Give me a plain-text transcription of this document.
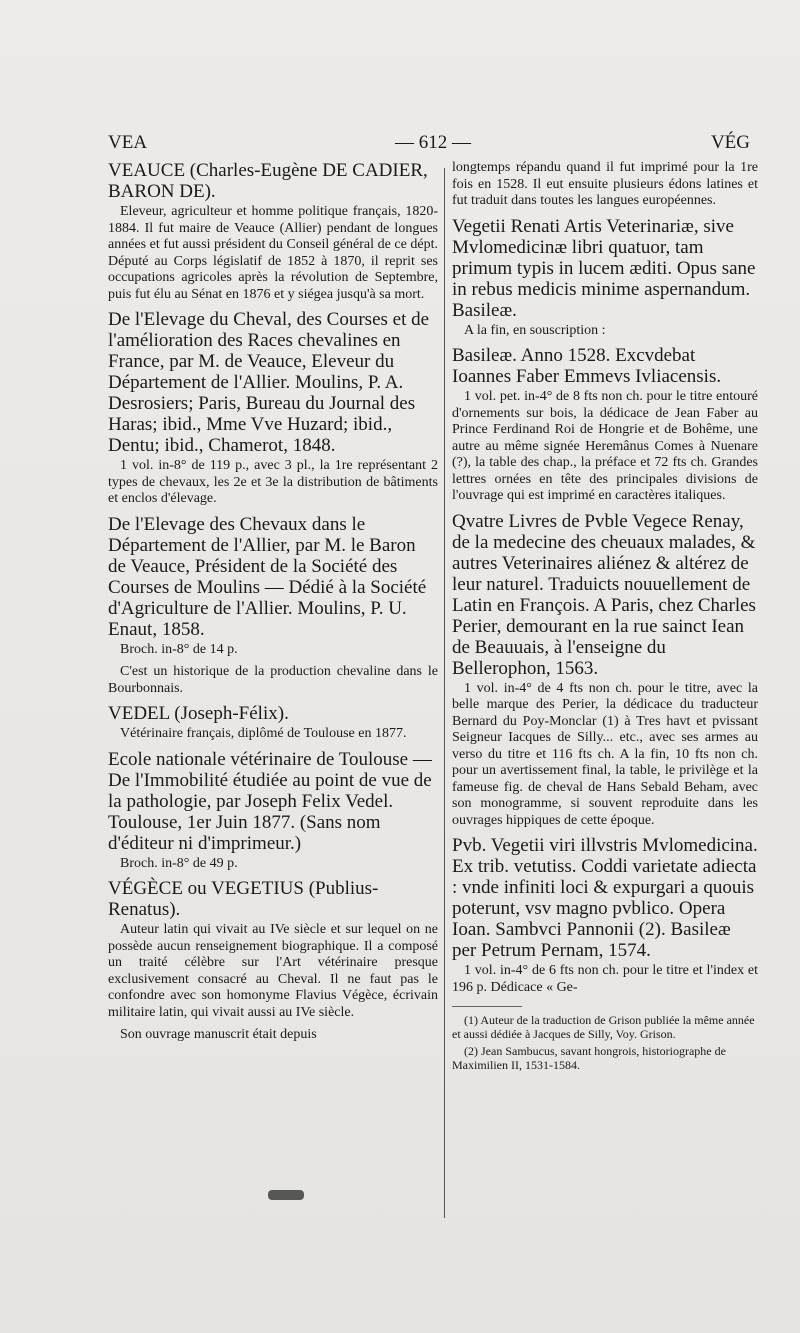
VEA	— 612 —	VÉG

VEAUCE (Charles-Eugène DE CADIER, BARON DE).

Eleveur, agriculteur et homme politique français, 1820-1884. Il fut maire de Veauce (Allier) pendant de longues années et fut aussi président du Conseil général de ce dépt. Député au Corps législatif de 1852 à 1870, il reprit ses occupations agricoles après la révolution de Septembre, puis fut élu au Sénat en 1876 et y siégea jusqu'à sa mort.

De l'Elevage du Cheval, des Courses et de l'amélioration des Races chevalines en France, par M. de Veauce, Eleveur du Département de l'Allier. Moulins, P. A. Desrosiers; Paris, Bureau du Journal des Haras; ibid., Mme Vve Huzard; ibid., Dentu; ibid., Chamerot, 1848.

1 vol. in-8° de 119 p., avec 3 pl., la 1re représentant 2 types de chevaux, les 2e et 3e la distribution de bâtiments et enclos d'élevage.

De l'Elevage des Chevaux dans le Département de l'Allier, par M. le Baron de Veauce, Président de la Société des Courses de Moulins — Dédié à la Société d'Agriculture de l'Allier. Moulins, P. U. Enaut, 1858.

Broch. in-8° de 14 p.

C'est un historique de la production chevaline dans le Bourbonnais.

VEDEL (Joseph-Félix).

Vétérinaire français, diplômé de Toulouse en 1877.

Ecole nationale vétérinaire de Toulouse — De l'Immobilité étudiée au point de vue de la pathologie, par Joseph Felix Vedel. Toulouse, 1er Juin 1877. (Sans nom d'éditeur ni d'imprimeur.)

Broch. in-8° de 49 p.

VÉGÈCE ou VEGETIUS (Publius-Renatus).

Auteur latin qui vivait au IVe siècle et sur lequel on ne possède aucun renseignement biographique. Il a composé un traité célèbre sur l'Art vétérinaire presque exclusivement consacré au Cheval. Il ne faut pas le confondre avec son homonyme Flavius Végèce, écrivain militaire latin, qui vivait aussi au IVe siècle.

Son ouvrage manuscrit était depuis

longtemps répandu quand il fut imprimé pour la 1re fois en 1528. Il eut ensuite plusieurs édons latines et fut traduit dans toutes les langues européennes.

Vegetii Renati Artis Veterinariæ, sive Mvlomedicinæ libri quatuor, tam primum typis in lucem æditi. Opus sane in rebus medicis minime aspernandum. Basileæ.

A la fin, en souscription :

Basileæ. Anno 1528. Excvdebat Ioannes Faber Emmevs Ivliacensis.

1 vol. pet. in-4° de 8 fts non ch. pour le titre entouré d'ornements sur bois, la dédicace de Jean Faber au Prince Ferdinand Roi de Hongrie et de Bohême, une autre au même signée Heremânus Comes à Nuenare (?), la table des chap., la préface et 72 fts ch. Grandes lettres ornées en tête des principales divisions de l'ouvrage qui est imprimé en caractères italiques.

Qvatre Livres de Pvble Vegece Renay, de la medecine des cheuaux malades, & autres Veterinaires aliénez & altérez de leur naturel. Traduicts nouuellement de Latin en François. A Paris, chez Charles Perier, demourant en la rue sainct Iean de Beauuais, à l'enseigne du Bellerophon, 1563.

1 vol. in-4° de 4 fts non ch. pour le titre, avec la belle marque des Perier, la dédicace du traducteur Bernard du Poy-Monclar (1) à Tres havt et pvissant Seigneur Iacques de Silly... etc., avec ses armes au verso du titre et 116 fts ch. A la fin, 10 fts non ch. pour un avertissement final, la table, le privilège et la fameuse fig. de cheval de Hans Sebald Beham, avec son monogramme, si souvent reproduite dans les ouvrages hippiques de cette époque.

Pvb. Vegetii viri illvstris Mvlomedicina. Ex trib. vetutiss. Coddi varietate adiecta : vnde infiniti loci & expurgari a quouis poterunt, vsv magno pvblico. Opera Ioan. Sambvci Pannonii (2). Basileæ per Petrum Pernam, 1574.

1 vol. in-4° de 6 fts non ch. pour le titre et l'index et 196 p. Dédicace « Ge-

(1) Auteur de la traduction de Grison publiée la même année et aussi dédiée à Jacques de Silly, Voy. Grison.

(2) Jean Sambucus, savant hongrois, historiographe de Maximilien II, 1531-1584.
